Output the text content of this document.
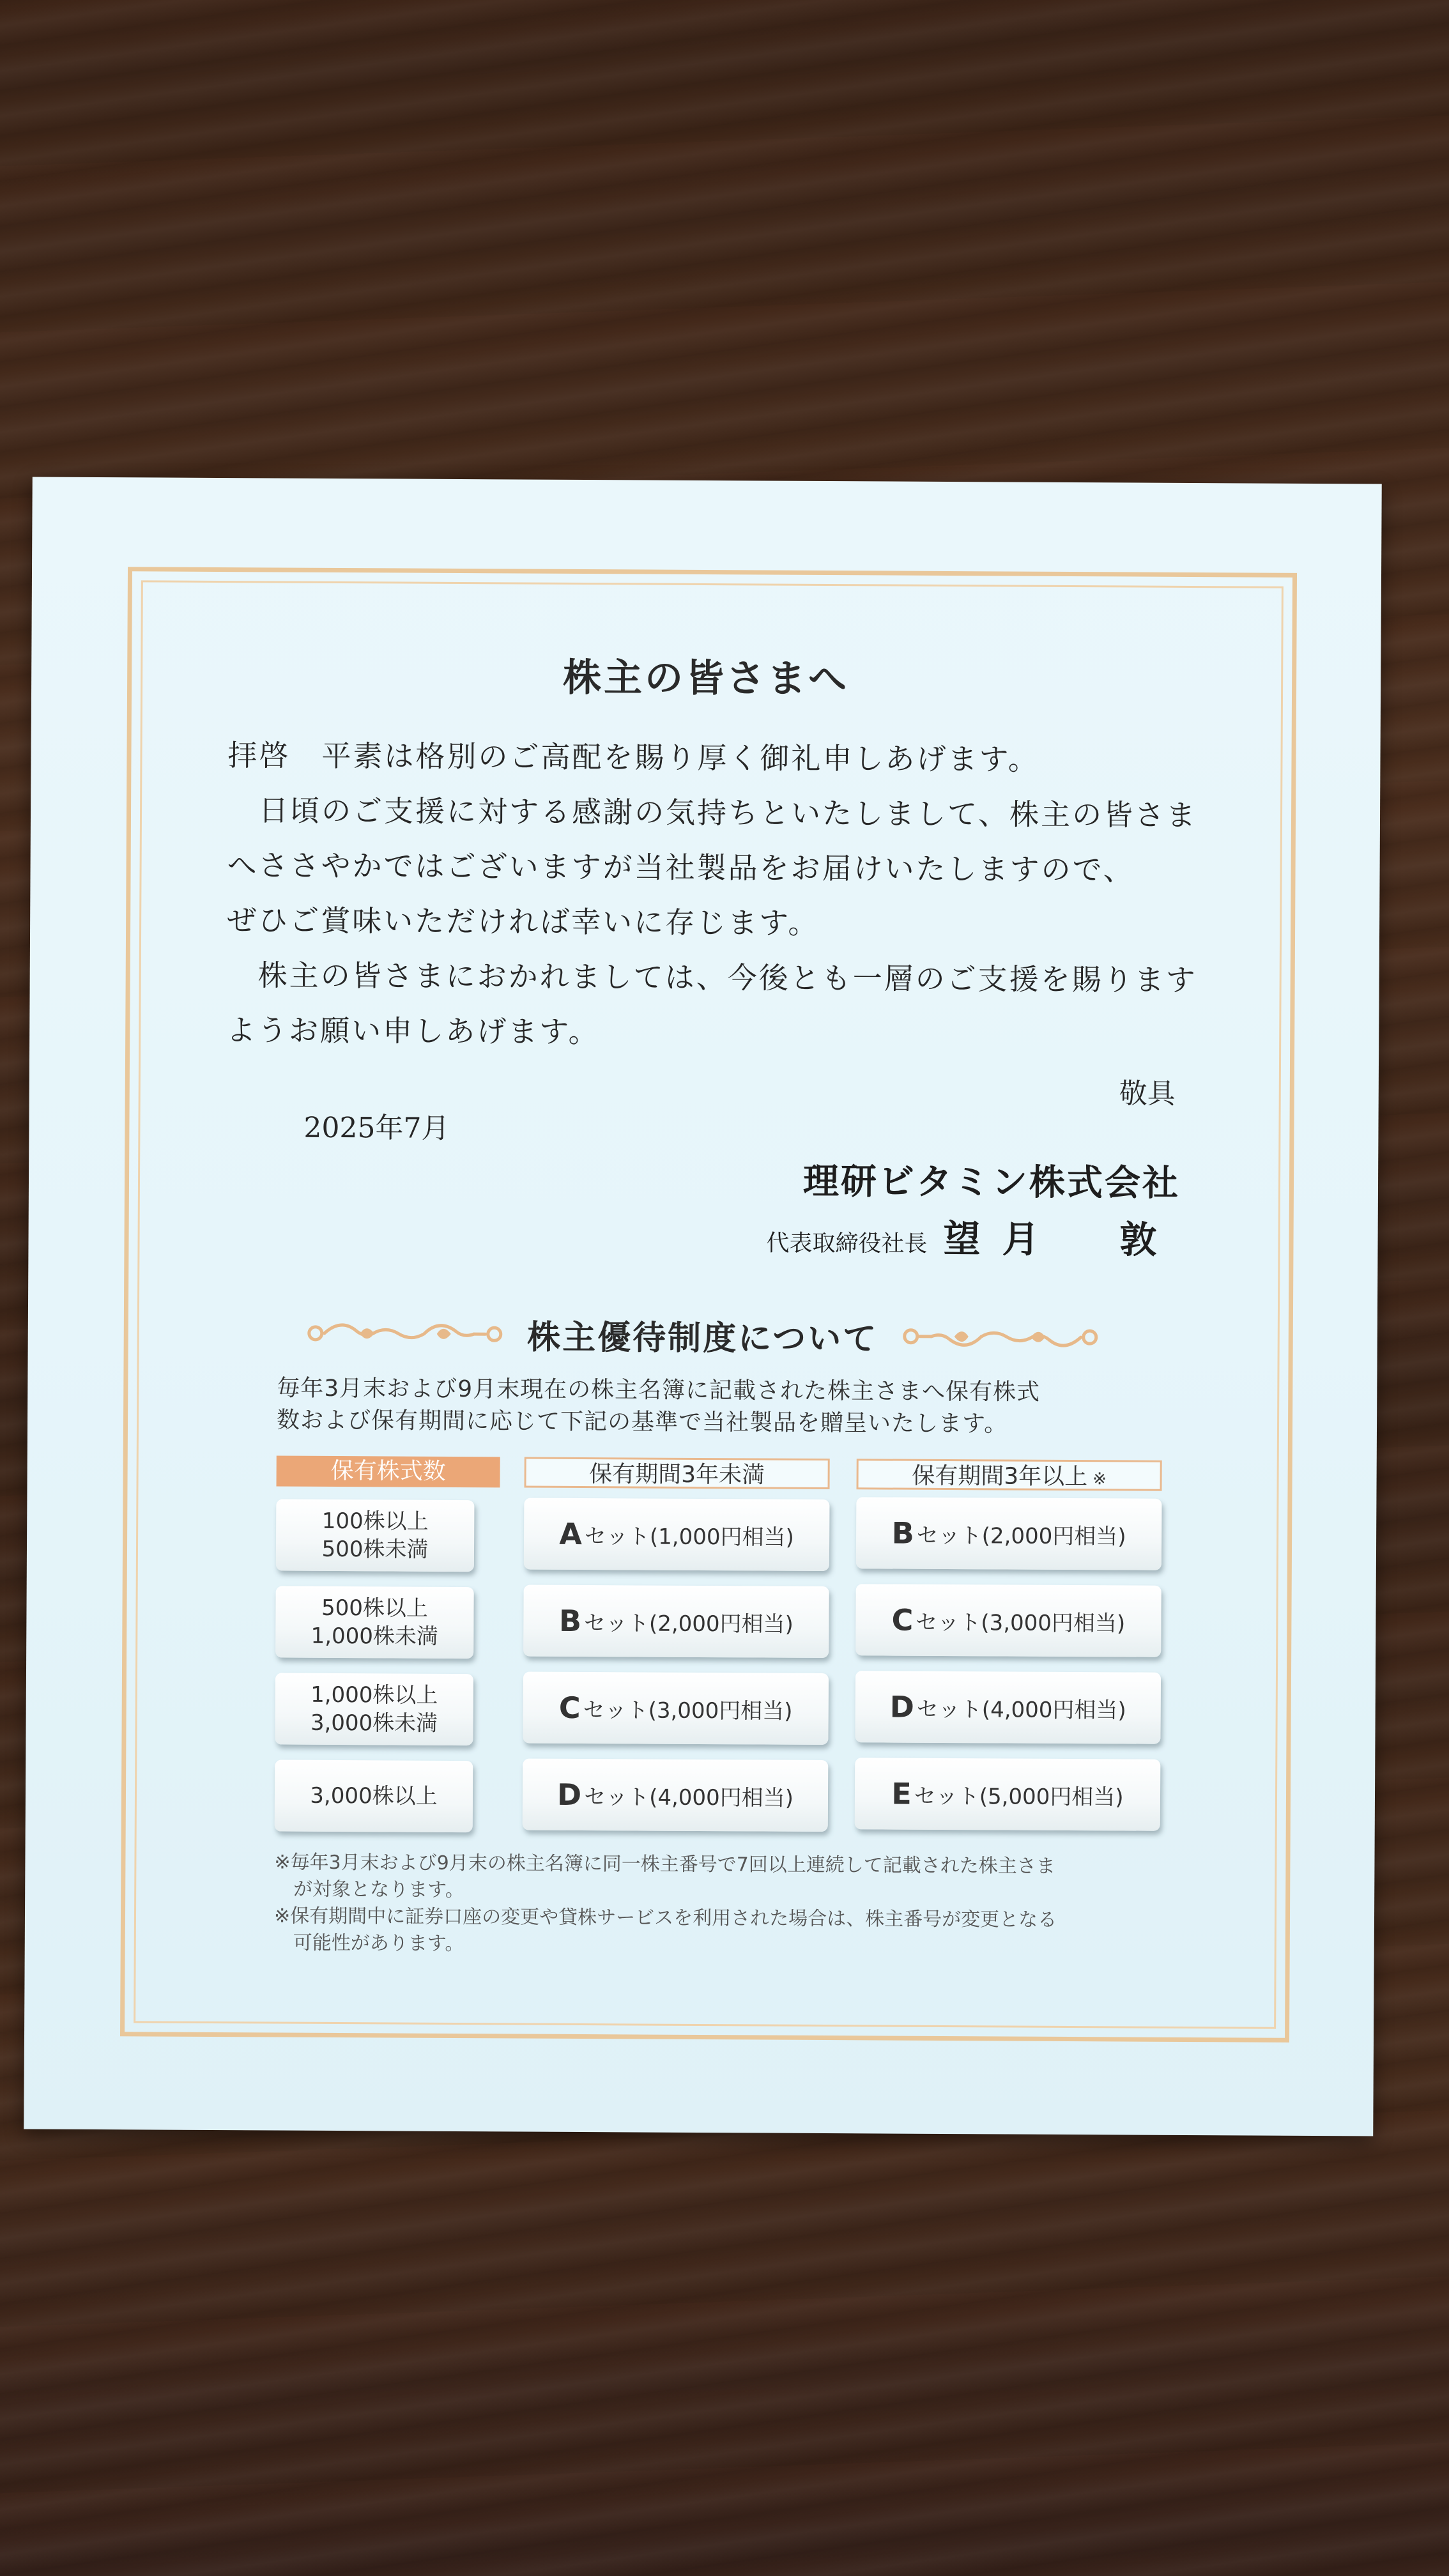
株主の皆さまへ
拝啓　平素は格別のご高配を賜り厚く御礼申しあげます。
　日頃のご支援に対する感謝の気持ちといたしまして、株主の皆さま
へささやかではございますが当社製品をお届けいたしますので、
ぜひご賞味いただければ幸いに存じます。
　株主の皆さまにおかれましては、今後とも一層のご支援を賜ります
ようお願い申しあげます。
敬具
2025年7月
理研ビタミン株式会社
代表取締役社長 望月　敦
株主優待制度について
毎年3月末および9月末現在の株主名簿に記載された株主さまへ保有株式
数および保有期間に応じて下記の基準で当社製品を贈呈いたします。
保有株式数	保有期間3年未満	保有期間3年以上 ※
100株以上
500株未満	A セット(1,000円相当)	B セット(2,000円相当)
500株以上
1,000株未満	B セット(2,000円相当)	C セット(3,000円相当)
1,000株以上
3,000株未満	C セット(3,000円相当)	D セット(4,000円相当)
3,000株以上	D セット(4,000円相当)	E セット(5,000円相当)
※毎年3月末および9月末の株主名簿に同一株主番号で7回以上連続して記載された株主さま
　が対象となります。
※保有期間中に証券口座の変更や貸株サービスを利用された場合は、株主番号が変更となる
　可能性があります。
